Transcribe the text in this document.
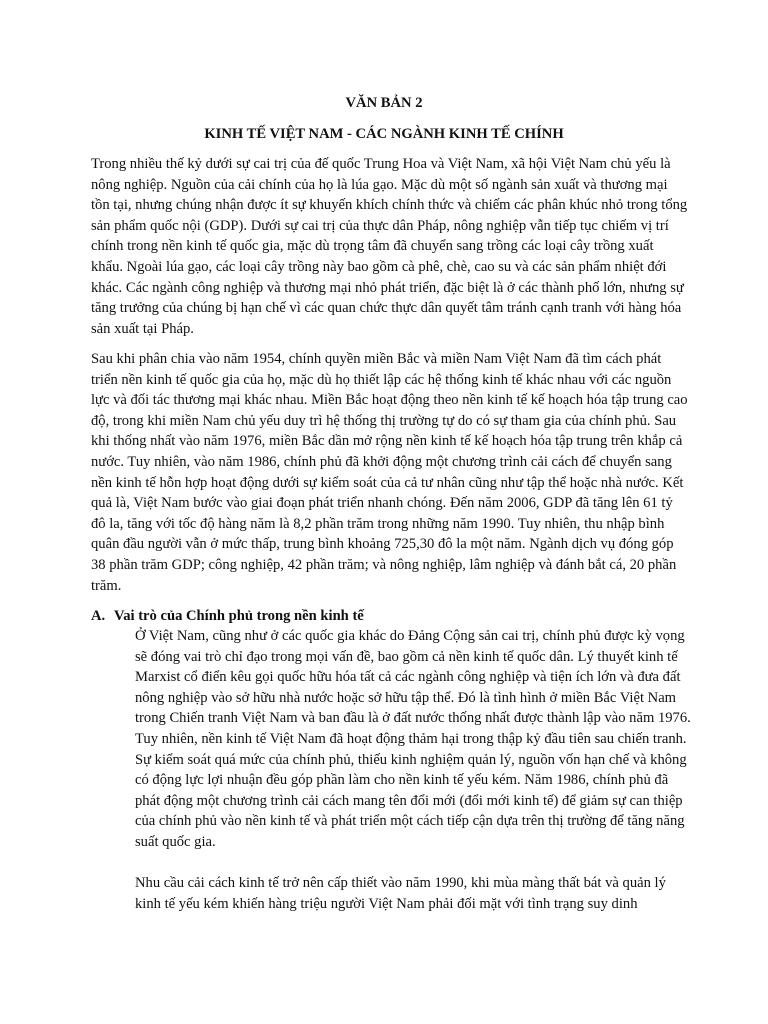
VĂN BẢN 2

KINH TẾ VIỆT NAM - CÁC NGÀNH KINH TẾ CHÍNH

Trong nhiều thế kỷ dưới sự cai trị của đế quốc Trung Hoa và Việt Nam, xã hội Việt Nam chủ yếu là nông nghiệp. Nguồn của cải chính của họ là lúa gạo. Mặc dù một số ngành sản xuất và thương mại tồn tại, nhưng chúng nhận được ít sự khuyến khích chính thức và chiếm các phân khúc nhỏ trong tổng sản phẩm quốc nội (GDP). Dưới sự cai trị của thực dân Pháp, nông nghiệp vẫn tiếp tục chiếm vị trí chính trong nền kinh tế quốc gia, mặc dù trọng tâm đã chuyển sang trồng các loại cây trồng xuất khẩu. Ngoài lúa gạo, các loại cây trồng này bao gồm cà phê, chè, cao su và các sản phẩm nhiệt đới khác. Các ngành công nghiệp và thương mại nhỏ phát triển, đặc biệt là ở các thành phố lớn, nhưng sự tăng trưởng của chúng bị hạn chế vì các quan chức thực dân quyết tâm tránh cạnh tranh với hàng hóa sản xuất tại Pháp.

Sau khi phân chia vào năm 1954, chính quyền miền Bắc và miền Nam Việt Nam đã tìm cách phát triển nền kinh tế quốc gia của họ, mặc dù họ thiết lập các hệ thống kinh tế khác nhau với các nguồn lực và đối tác thương mại khác nhau. Miền Bắc hoạt động theo nền kinh tế kế hoạch hóa tập trung cao độ, trong khi miền Nam chủ yếu duy trì hệ thống thị trường tự do có sự tham gia của chính phủ. Sau khi thống nhất vào năm 1976, miền Bắc dần mở rộng nền kinh tế kế hoạch hóa tập trung trên khắp cả nước. Tuy nhiên, vào năm 1986, chính phủ đã khởi động một chương trình cải cách để chuyển sang nền kinh tế hỗn hợp hoạt động dưới sự kiểm soát của cả tư nhân cũng như tập thể hoặc nhà nước. Kết quả là, Việt Nam bước vào giai đoạn phát triển nhanh chóng. Đến năm 2006, GDP đã tăng lên 61 tỷ đô la, tăng với tốc độ hàng năm là 8,2 phần trăm trong những năm 1990. Tuy nhiên, thu nhập bình quân đầu người vẫn ở mức thấp, trung bình khoảng 725,30 đô la một năm. Ngành dịch vụ đóng góp 38 phần trăm GDP; công nghiệp, 42 phần trăm; và nông nghiệp, lâm nghiệp và đánh bắt cá, 20 phần trăm.

A. Vai trò của Chính phủ trong nền kinh tế

Ở Việt Nam, cũng như ở các quốc gia khác do Đảng Cộng sản cai trị, chính phủ được kỳ vọng sẽ đóng vai trò chỉ đạo trong mọi vấn đề, bao gồm cả nền kinh tế quốc dân. Lý thuyết kinh tế Marxist cổ điển kêu gọi quốc hữu hóa tất cả các ngành công nghiệp và tiện ích lớn và đưa đất nông nghiệp vào sở hữu nhà nước hoặc sở hữu tập thể. Đó là tình hình ở miền Bắc Việt Nam trong Chiến tranh Việt Nam và ban đầu là ở đất nước thống nhất được thành lập vào năm 1976. Tuy nhiên, nền kinh tế Việt Nam đã hoạt động thảm hại trong thập kỷ đầu tiên sau chiến tranh. Sự kiểm soát quá mức của chính phủ, thiếu kinh nghiệm quản lý, nguồn vốn hạn chế và không có động lực lợi nhuận đều góp phần làm cho nền kinh tế yếu kém. Năm 1986, chính phủ đã phát động một chương trình cải cách mang tên đổi mới (đổi mới kinh tế) để giảm sự can thiệp của chính phủ vào nền kinh tế và phát triển một cách tiếp cận dựa trên thị trường để tăng năng suất quốc gia.

Nhu cầu cải cách kinh tế trở nên cấp thiết vào năm 1990, khi mùa màng thất bát và quản lý kinh tế yếu kém khiến hàng triệu người Việt Nam phải đối mặt với tình trạng suy dinh
